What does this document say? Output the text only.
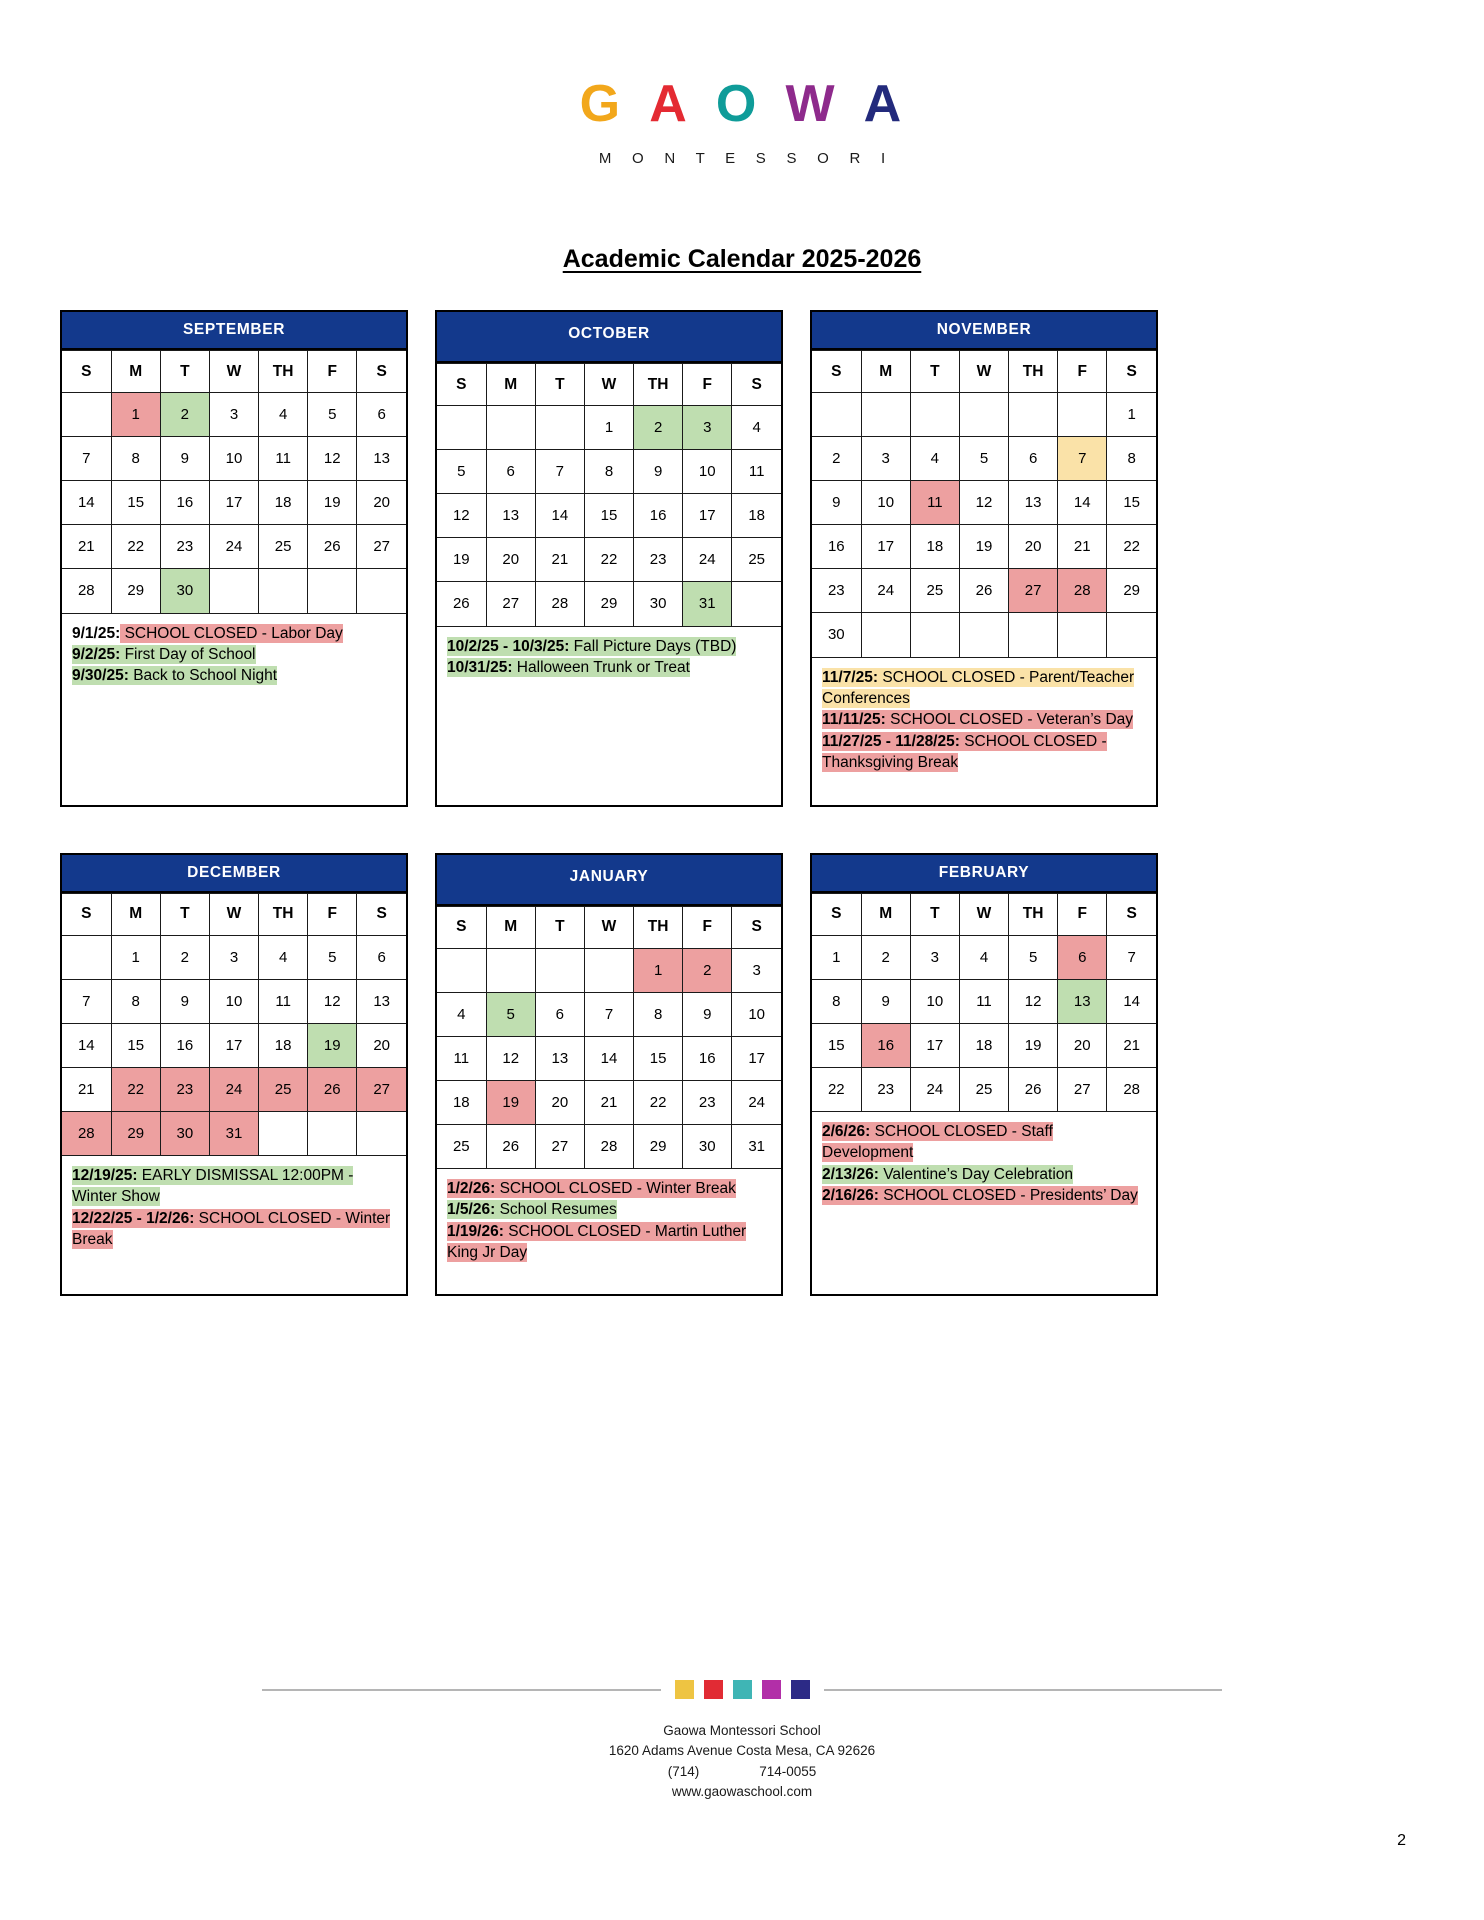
G A O W A
M O N T E S S O R I
Academic Calendar 2025-2026
SEPTEMBER
S	M	T	W	TH	F	S
	1	2	3	4	5	6
7	8	9	10	11	12	13
14	15	16	17	18	19	20
21	22	23	24	25	26	27
28	29	30				
9/1/25: SCHOOL CLOSED - Labor Day
9/2/25: First Day of School
9/30/25: Back to School Night
OCTOBER
S	M	T	W	TH	F	S
			1	2	3	4
5	6	7	8	9	10	11
12	13	14	15	16	17	18
19	20	21	22	23	24	25
26	27	28	29	30	31	
10/2/25 - 10/3/25: Fall Picture Days (TBD)
10/31/25: Halloween Trunk or Treat
NOVEMBER
S	M	T	W	TH	F	S
						1
2	3	4	5	6	7	8
9	10	11	12	13	14	15
16	17	18	19	20	21	22
23	24	25	26	27	28	29
30						
11/7/25: SCHOOL CLOSED - Parent/Teacher Conferences
11/11/25: SCHOOL CLOSED - Veteran’s Day
11/27/25 - 11/28/25: SCHOOL CLOSED - Thanksgiving Break
DECEMBER
S	M	T	W	TH	F	S
	1	2	3	4	5	6
7	8	9	10	11	12	13
14	15	16	17	18	19	20
21	22	23	24	25	26	27
28	29	30	31			
12/19/25: EARLY DISMISSAL 12:00PM - Winter Show
12/22/25 - 1/2/26: SCHOOL CLOSED - Winter Break
JANUARY
S	M	T	W	TH	F	S
				1	2	3
4	5	6	7	8	9	10
11	12	13	14	15	16	17
18	19	20	21	22	23	24
25	26	27	28	29	30	31
1/2/26: SCHOOL CLOSED - Winter Break
1/5/26: School Resumes
1/19/26: SCHOOL CLOSED - Martin Luther King Jr Day
FEBRUARY
S	M	T	W	TH	F	S
1	2	3	4	5	6	7
8	9	10	11	12	13	14
15	16	17	18	19	20	21
22	23	24	25	26	27	28
2/6/26: SCHOOL CLOSED - Staff Development
2/13/26: Valentine’s Day Celebration
2/16/26: SCHOOL CLOSED - Presidents’ Day
Gaowa Montessori School
1620 Adams Avenue Costa Mesa, CA 92626
(714)	714-0055
www.gaowaschool.com
2
